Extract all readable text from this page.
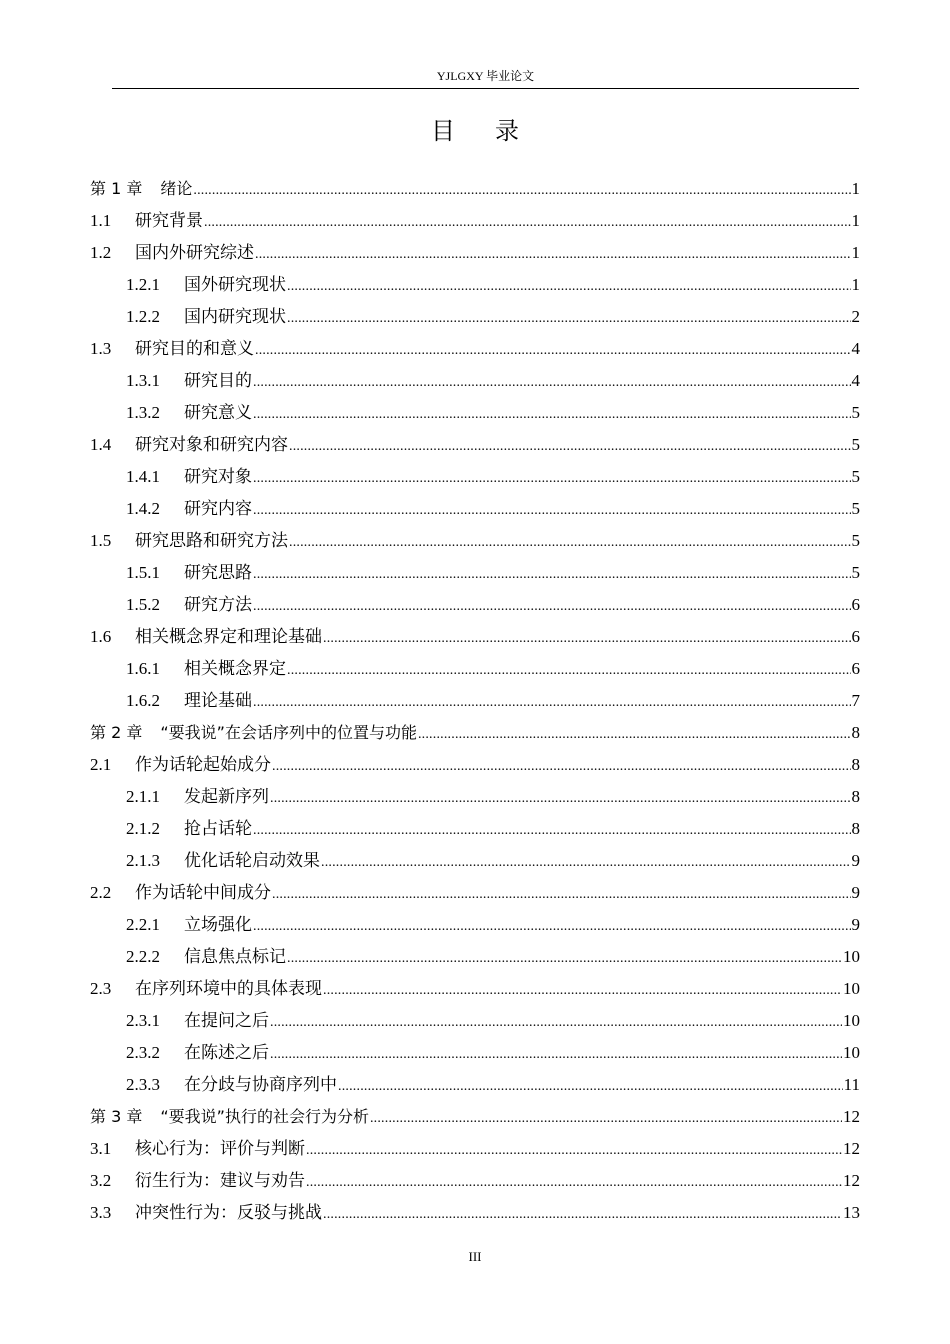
YJLGXY 毕业论文
目录
第 1 章	绪论 .....	1
1.1	研究背景 .....	1
1.2	国内外研究综述 .....	1
1.2.1	国外研究现状 .....	1
1.2.2	国内研究现状 .....	2
1.3	研究目的和意义 .....	4
1.3.1	研究目的 .....	4
1.3.2	研究意义 .....	5
1.4	研究对象和研究内容 .....	5
1.4.1	研究对象 .....	5
1.4.2	研究内容 .....	5
1.5	研究思路和研究方法 .....	5
1.5.1	研究思路 .....	5
1.5.2	研究方法 .....	6
1.6	相关概念界定和理论基础 .....	6
1.6.1	相关概念界定 .....	6
1.6.2	理论基础 .....	7
第 2 章	“要我说”在会话序列中的位置与功能 .....	8
2.1	作为话轮起始成分 .....	8
2.1.1	发起新序列 .....	8
2.1.2	抢占话轮 .....	8
2.1.3	优化话轮启动效果 .....	9
2.2	作为话轮中间成分 .....	9
2.2.1	立场强化 .....	9
2.2.2	信息焦点标记 .....	10
2.3	在序列环境中的具体表现 .....	10
2.3.1	在提问之后 .....	10
2.3.2	在陈述之后 .....	10
2.3.3	在分歧与协商序列中 .....	11
第 3 章	“要我说”执行的社会行为分析 .....	12
3.1	核心行为：评价与判断 .....	12
3.2	衍生行为：建议与劝告 .....	12
3.3	冲突性行为：反驳与挑战 .....	13
III
